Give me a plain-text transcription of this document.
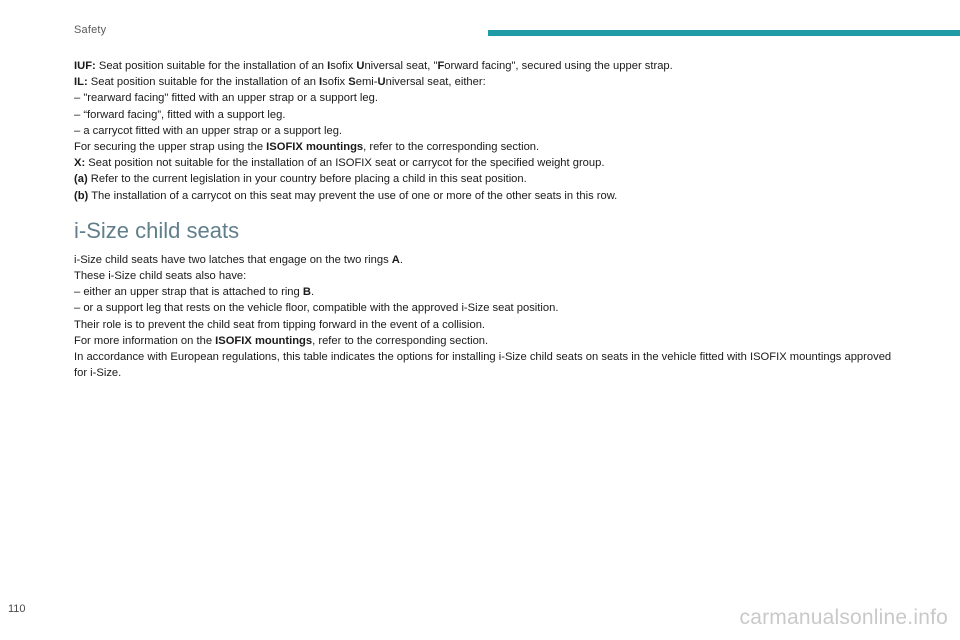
Safety
IUF: Seat position suitable for the installation of an Isofix Universal seat, "Forward facing", secured using the upper strap.
IL: Seat position suitable for the installation of an Isofix Semi-Universal seat, either:
– "rearward facing" fitted with an upper strap or a support leg.
– “forward facing”, fitted with a support leg.
– a carrycot fitted with an upper strap or a support leg.
For securing the upper strap using the ISOFIX mountings, refer to the corresponding section.
X: Seat position not suitable for the installation of an ISOFIX seat or carrycot for the specified weight group.
(a) Refer to the current legislation in your country before placing a child in this seat position.
(b) The installation of a carrycot on this seat may prevent the use of one or more of the other seats in this row.
i-Size child seats
i-Size child seats have two latches that engage on the two rings A.
These i-Size child seats also have:
– either an upper strap that is attached to ring B.
– or a support leg that rests on the vehicle floor, compatible with the approved i-Size seat position.
Their role is to prevent the child seat from tipping forward in the event of a collision.
For more information on the ISOFIX mountings, refer to the corresponding section.
In accordance with European regulations, this table indicates the options for installing i-Size child seats on seats in the vehicle fitted with ISOFIX mountings approved for i-Size.
110	carmanualsonline.info
